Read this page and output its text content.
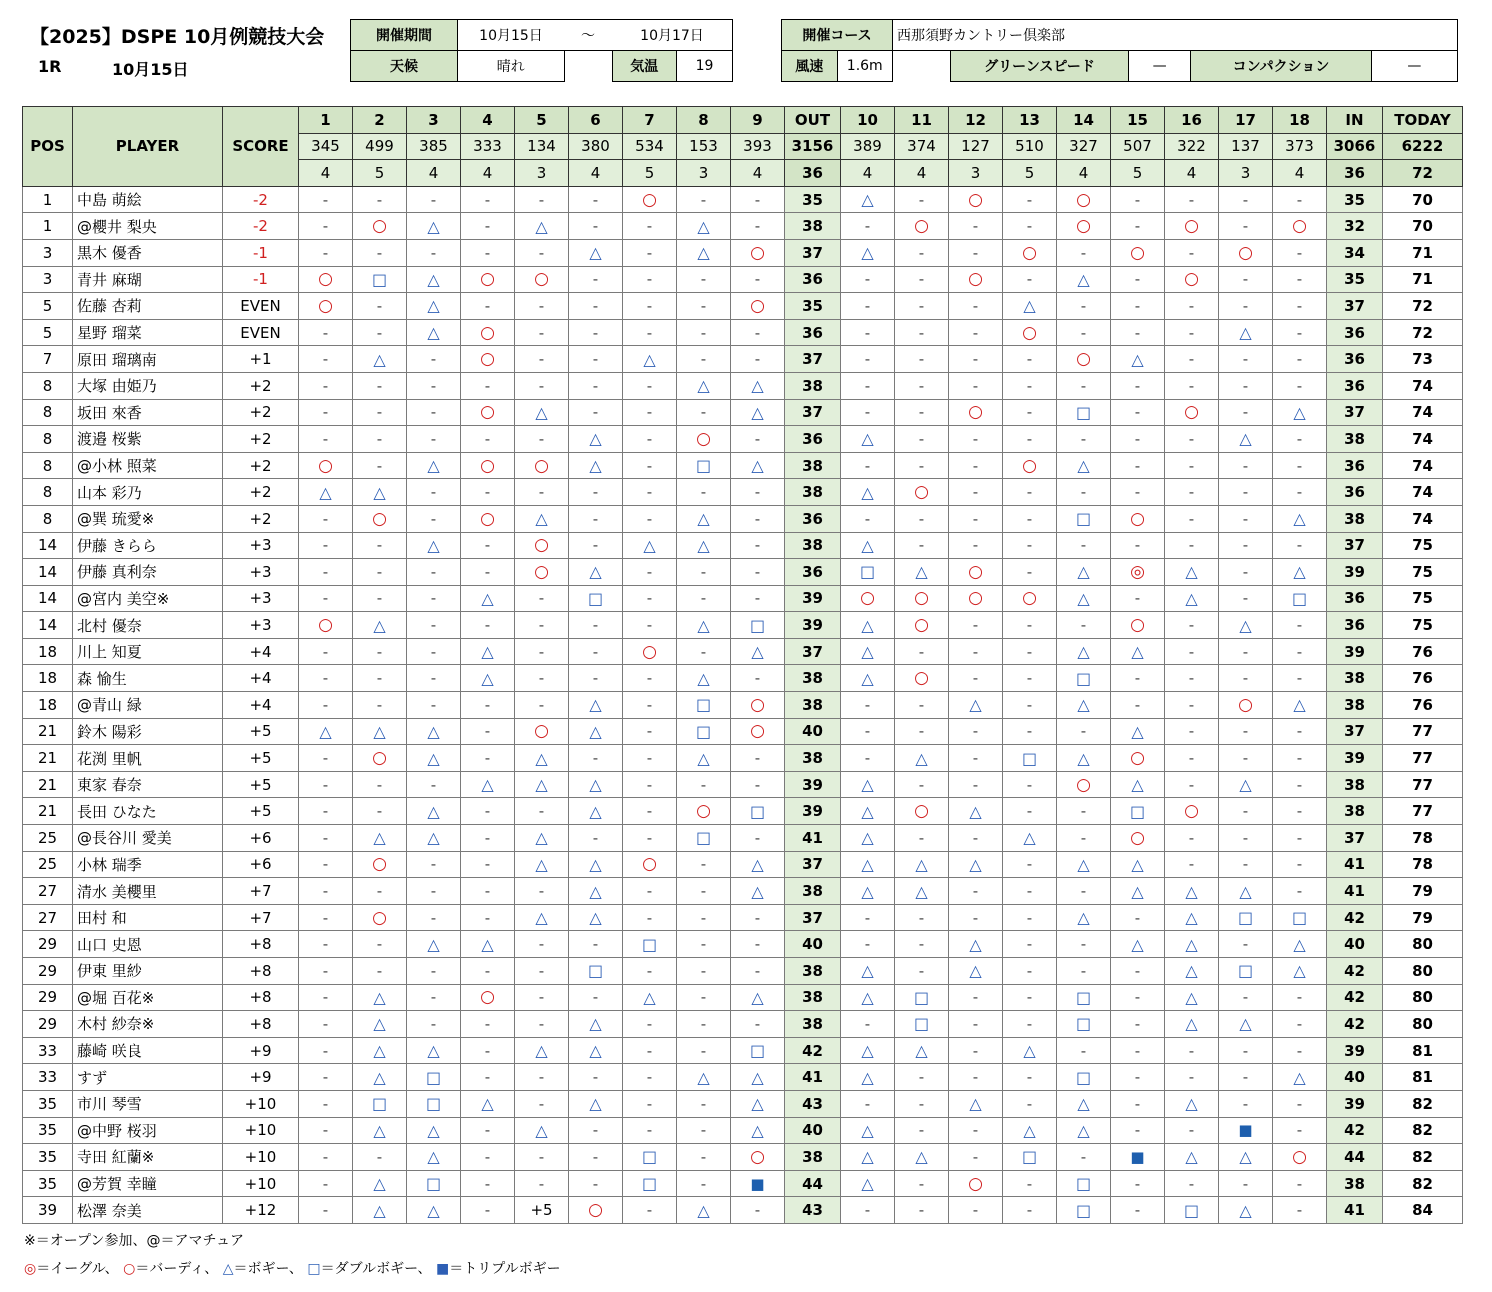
【2025】DSPE 10月例競技大会
1R	10月15日
開催期間	10月15日	～	10月17日	
天候	晴れ		気温	19
開催コース		西那須野カントリー倶楽部				
風速	1.6m		グリーンスピード	—	コンパクション	—
POS	PLAYER	SCORE	1	2	3	4	5	6	7	8	9	OUT	10	11	12	13	14	15	16	17	18	IN	TODAY
			345	499	385	333	134	380	534	153	393	3156	389	374	127	510	327	507	322	137	373	3066	6222
			4	5	4	4	3	4	5	3	4	36	4	4	3	5	4	5	4	3	4	36	72
1	中島 萌絵	-2	-	-	-	-	-	-	○	-	-	35	△	-	○	-	○	-	-	-	-	35	70
1	@櫻井 梨央	-2	-	○	△	-	△	-	-	△	-	38	-	○	-	-	○	-	○	-	○	32	70
3	黒木 優香	-1	-	-	-	-	-	△	-	△	○	37	△	-	-	○	-	○	-	○	-	34	71
3	青井 麻瑚	-1	○	□	△	○	○	-	-	-	-	36	-	-	○	-	△	-	○	-	-	35	71
5	佐藤 杏莉	EVEN	○	-	△	-	-	-	-	-	○	35	-	-	-	△	-	-	-	-	-	37	72
5	星野 瑠菜	EVEN	-	-	△	○	-	-	-	-	-	36	-	-	-	○	-	-	-	△	-	36	72
7	原田 瑠璃南	+1	-	△	-	○	-	-	△	-	-	37	-	-	-	-	○	△	-	-	-	36	73
8	大塚 由姫乃	+2	-	-	-	-	-	-	-	△	△	38	-	-	-	-	-	-	-	-	-	36	74
8	坂田 來香	+2	-	-	-	○	△	-	-	-	△	37	-	-	○	-	□	-	○	-	△	37	74
8	渡邉 桜紫	+2	-	-	-	-	-	△	-	○	-	36	△	-	-	-	-	-	-	△	-	38	74
8	@小林 照菜	+2	○	-	△	○	○	△	-	□	△	38	-	-	-	○	△	-	-	-	-	36	74
8	山本 彩乃	+2	△	△	-	-	-	-	-	-	-	38	△	○	-	-	-	-	-	-	-	36	74
8	@巽 琉愛※	+2	-	○	-	○	△	-	-	△	-	36	-	-	-	-	□	○	-	-	△	38	74
14	伊藤 きらら	+3	-	-	△	-	○	-	△	△	-	38	△	-	-	-	-	-	-	-	-	37	75
14	伊藤 真利奈	+3	-	-	-	-	○	△	-	-	-	36	□	△	○	-	△	◎	△	-	△	39	75
14	@宮内 美空※	+3	-	-	-	△	-	□	-	-	-	39	○	○	○	○	△	-	△	-	□	36	75
14	北村 優奈	+3	○	△	-	-	-	-	-	△	□	39	△	○	-	-	-	○	-	△	-	36	75
18	川上 知夏	+4	-	-	-	△	-	-	○	-	△	37	△	-	-	-	△	△	-	-	-	39	76
18	森 愉生	+4	-	-	-	△	-	-	-	△	-	38	△	○	-	-	□	-	-	-	-	38	76
18	@青山 緑	+4	-	-	-	-	-	△	-	□	○	38	-	-	△	-	△	-	-	○	△	38	76
21	鈴木 陽彩	+5	△	△	△	-	○	△	-	□	○	40	-	-	-	-	-	△	-	-	-	37	77
21	花渕 里帆	+5	-	○	△	-	△	-	-	△	-	38	-	△	-	□	△	○	-	-	-	39	77
21	東家 春奈	+5	-	-	-	△	△	△	-	-	-	39	△	-	-	-	○	△	-	△	-	38	77
21	長田 ひなた	+5	-	-	△	-	-	△	-	○	□	39	△	○	△	-	-	□	○	-	-	38	77
25	@長谷川 愛美	+6	-	△	△	-	△	-	-	□	-	41	△	-	-	△	-	○	-	-	-	37	78
25	小林 瑞季	+6	-	○	-	-	△	△	○	-	△	37	△	△	△	-	△	△	-	-	-	41	78
27	清水 美櫻里	+7	-	-	-	-	-	△	-	-	△	38	△	△	-	-	-	△	△	△	-	41	79
27	田村 和	+7	-	○	-	-	△	△	-	-	-	37	-	-	-	-	△	-	△	□	□	42	79
29	山口 史恩	+8	-	-	△	△	-	-	□	-	-	40	-	-	△	-	-	△	△	-	△	40	80
29	伊東 里紗	+8	-	-	-	-	-	□	-	-	-	38	△	-	△	-	-	-	△	□	△	42	80
29	@堀 百花※	+8	-	△	-	○	-	-	△	-	△	38	△	□	-	-	□	-	△	-	-	42	80
29	木村 紗奈※	+8	-	△	-	-	-	△	-	-	-	38	-	□	-	-	□	-	△	△	-	42	80
33	藤崎 咲良	+9	-	△	△	-	△	△	-	-	□	42	△	△	-	△	-	-	-	-	-	39	81
33	すず	+9	-	△	□	-	-	-	-	△	△	41	△	-	-	-	□	-	-	-	△	40	81
35	市川 琴雪	+10	-	□	□	△	-	△	-	-	△	43	-	-	△	-	△	-	△	-	-	39	82
35	@中野 桜羽	+10	-	△	△	-	△	-	-	-	△	40	△	-	-	△	△	-	-	■	-	42	82
35	寺田 紅蘭※	+10	-	-	△	-	-	-	□	-	○	38	△	△	-	□	-	■	△	△	○	44	82
35	@芳賀 幸瞳	+10	-	△	□	-	-	-	□	-	■	44	△	-	○	-	□	-	-	-	-	38	82
39	松澤 奈美	+12	-	△	△	-	+5	○	-	△	-	43	-	-	-	-	□	-	□	△	-	41	84
※＝オープン参加、@＝アマチュア
◎＝イーグル、 ○＝バーディ、 △＝ボギー、 □＝ダブルボギー、 ■＝トリプルボギー
